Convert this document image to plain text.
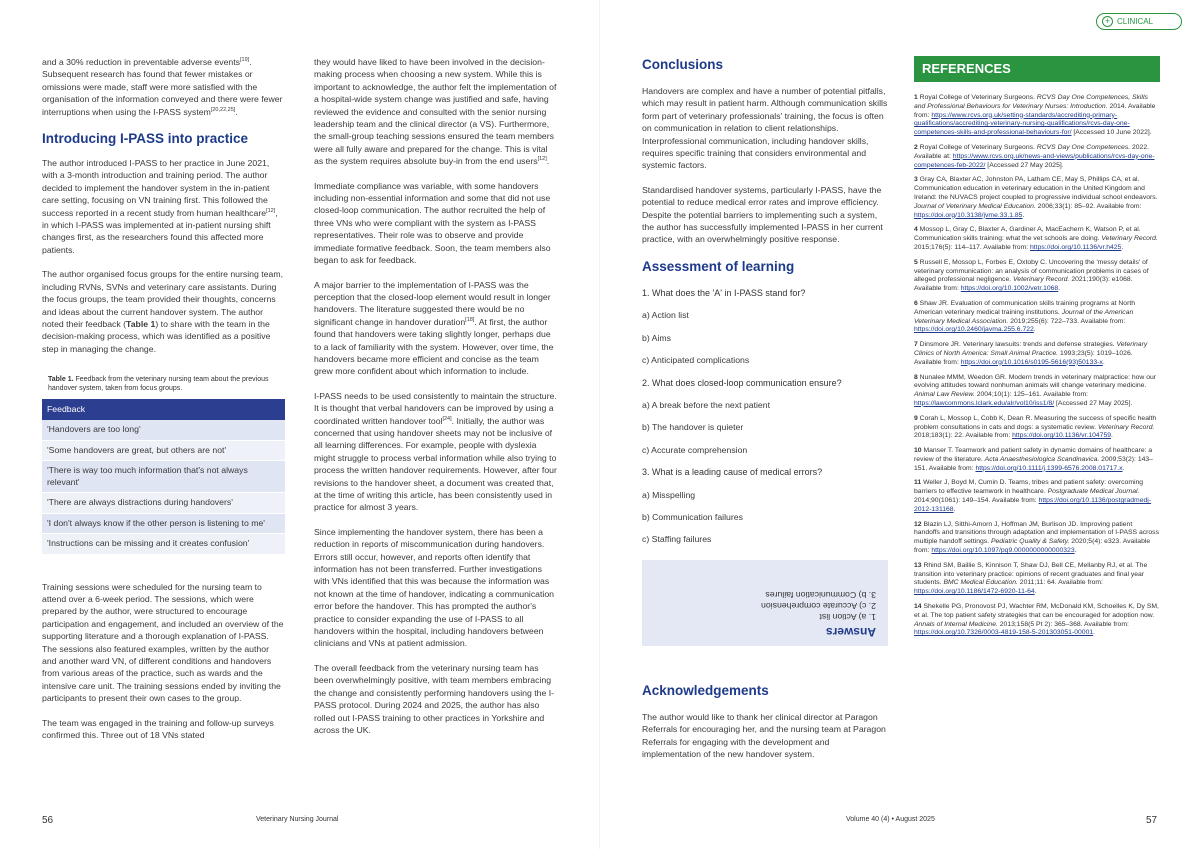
+ CLINICAL

and a 30% reduction in preventable adverse events[19]. Subsequent research has found that fewer mistakes or omissions were made, staff were more satisfied with the organisation of the information conveyed and there were fewer interruptions when using the I-PASS system[20,22,25].

Introducing I-PASS into practice

The author introduced I-PASS to her practice in June 2021, with a 3-month introduction and training period. The author decided to implement the handover system in the in-patient care setting, focusing on VN training first. This followed the success reported in a recent study from human healthcare[12], in which I-PASS was implemented at in-patient nursing shift changes first, as the researchers found this affected more patients.

The author organised focus groups for the entire nursing team, including RVNs, SVNs and veterinary care assistants. During the focus groups, the team provided their thoughts, concerns and ideas about the current handover system. The author noted their feedback (Table 1) to share with the team in the decision-making process, which was identified as a positive step in managing the change.

Table 1. Feedback from the veterinary nursing team about the previous handover system, taken from focus groups.
Feedback
'Handovers are too long'
'Some handovers are great, but others are not'
'There is way too much information that's not always relevant'
'There are always distractions during handovers'
'I don't always know if the other person is listening to me'
'Instructions can be missing and it creates confusion'

Training sessions were scheduled for the nursing team to attend over a 6-week period. The sessions, which were prepared by the author, were structured to encourage participation and engagement, and included an overview of the supporting literature and a thorough explanation of I-PASS. The sessions also featured examples, written by the author and another ward VN, of different conditions and handovers from various areas of the practice, such as wards and the intensive care unit. The training sessions ended by inviting the participants to present their own cases to the group.

The team was engaged in the training and follow-up surveys confirmed this. Three out of 18 VNs stated

they would have liked to have been involved in the decision-making process when choosing a new system. While this is important to acknowledge, the author felt the implementation of a hospital-wide system change was justified and safe, having reviewed the evidence and consulted with the senior nursing leadership team and the clinical director (a VS). Furthermore, the small-group teaching sessions ensured the team members were all fully aware and prepared for the change. This is vital as the system requires absolute buy-in from the end users[12].

Immediate compliance was variable, with some handovers including non-essential information and some that did not use closed-loop communication. The author recruited the help of three VNs who were compliant with the system as I-PASS representatives. Their role was to observe and provide immediate formative feedback. Soon, the team members also began to ask for feedback.

A major barrier to the implementation of I-PASS was the perception that the closed-loop element would result in longer handovers. The literature suggested there would be no significant change in handover duration[18]. At first, the author found that handovers were taking slightly longer, perhaps due to a lack of familiarity with the system. However, over time, the handovers became more efficient and concise as the team grew more confident about which information to include.

I-PASS needs to be used consistently to maintain the structure. It is thought that verbal handovers can be improved by using a coordinated written handover tool[24]. Initially, the author was concerned that using handover sheets may not be inclusive of all learning differences. For example, people with dyslexia might struggle to process verbal information while also trying to process the written handover requirements. However, after four revisions to the handover sheet, a document was created that, at the time of writing this article, has been consistently used in practice for almost 3 years.

Since implementing the handover system, there has been a reduction in reports of miscommunication during handovers. Errors still occur, however, and reports often identify that information has not been transferred. Further investigations with VNs identified that this was because the information was not known at the time of handover, indicating a communication error before the handover. This has prompted the author's practice to consider expanding the use of I-PASS to all handovers within the hospital, including handovers between clinicians and VNs at patient admission.

The overall feedback from the veterinary nursing team has been overwhelmingly positive, with team members embracing the change and consistently performing handovers using the I-PASS protocol. During 2024 and 2025, the author has also rolled out I-PASS training to other practices in Yorkshire and across the UK.

Conclusions

Handovers are complex and have a number of potential pitfalls, which may result in patient harm. Although communication skills form part of veterinary professionals' training, the focus is often on communication in relation to client relationships. Interprofessional communication, including handover skills, requires specific training that considers environmental and systemic factors.

Standardised handover systems, particularly I-PASS, have the potential to reduce medical error rates and improve efficiency. Despite the potential barriers to implementing such a system, the author has successfully implemented I-PASS in her current practice, with an overwhelmingly positive response.

Assessment of learning
1. What does the 'A' in I-PASS stand for?
a) Action list
b) Aims
c) Anticipated complications
2. What does closed-loop communication ensure?
a) A break before the next patient
b) The handover is quieter
c) Accurate comprehension
3. What is a leading cause of medical errors?
a) Misspelling
b) Communication failures
c) Staffing failures
Answers
1. a) Action list
2. c) Accurate comprehension
3. b) Communication failures
Acknowledgements

The author would like to thank her clinical director at Paragon Referrals for encouraging her, and the nursing team at Paragon Referrals for engaging with the development and implementation of the new handover system.

REFERENCES
1 Royal College of Veterinary Surgeons. RCVS Day One Competences, Skills and Professional Behaviours for Veterinary Nurses: Introduction. 2014. Available from: https://www.rcvs.org.uk/setting-standards/accrediting-primary-qualifications/accrediting-veterinary-nursing-qualifications/rcvs-day-one-competences-skills-and-professional-behaviours-for/ [Accessed 10 June 2022].
2 Royal College of Veterinary Surgeons. RCVS Day One Competences. 2022. Available at: https://www.rcvs.org.uk/news-and-views/publications/rcvs-day-one-competences-feb-2022/ [Accessed 27 May 2025].
3 Gray CA, Blaxter AC, Johnston PA, Latham CE, May S, Phillips CA, et al. Communication education in veterinary education in the United Kingdom and Ireland: the NUVACS project coupled to progressive individual school endeavors. Journal of Veterinary Medical Education. 2006;33(1): 85–92. Available from: https://doi.org/10.3138/jvme.33.1.85.
4 Mossop L, Gray C, Blaxter A, Gardiner A, MacEachern K, Watson P, et al. Communication skills training: what the vet schools are doing. Veterinary Record. 2015;176(5): 114–117. Available from: https://doi.org/10.1136/vr.h425.
5 Russell E, Mossop L, Forbes E, Oxtoby C. Uncovering the 'messy details' of veterinary communication: an analysis of communication problems in cases of alleged professional negligence. Veterinary Record. 2021;190(3): e1068. Available from: https://doi.org/10.1002/vetr.1068.
6 Shaw JR. Evaluation of communication skills training programs at North American veterinary medical training institutions. Journal of the American Veterinary Medical Association. 2019;255(6): 722–733. Available from: https://doi.org/10.2460/javma.255.6.722.
7 Dinsmore JR. Veterinary lawsuits: trends and defense strategies. Veterinary Clinics of North America: Small Animal Practice. 1993;23(5): 1019–1026. Available from: https://doi.org/10.1016/s0195-5616(93)50133-x.
8 Nunalee MMM, Weedon GR. Modern trends in veterinary malpractice: how our evolving attitudes toward nonhuman animals will change veterinary medicine. Animal Law Review. 2004;10(1): 125–161. Available from: https://lawcommons.lclark.edu/alr/vol10/iss1/8/ [Accessed 27 May 2025].
9 Corah L, Mossop L, Cobb K, Dean R. Measuring the success of specific health problem consultations in cats and dogs: a systematic review. Veterinary Record. 2018;183(1): 22. Available from: https://doi.org/10.1136/vr.104759.
10 Manser T. Teamwork and patient safety in dynamic domains of healthcare: a review of the literature. Acta Anaesthesiologica Scandinavica. 2009;53(2): 143–151. Available from: https://doi.org/10.1111/j.1399-6576.2008.01717.x.
11 Weller J, Boyd M, Cumin D. Teams, tribes and patient safety: overcoming barriers to effective teamwork in healthcare. Postgraduate Medical Journal. 2014;90(1061): 149–154. Available from: https://doi.org/10.1136/postgradmedj-2012-131168.
12 Blazin LJ, Sitthi-Amorn J, Hoffman JM, Burlison JD. Improving patient handoffs and transitions through adaptation and implementation of I-PASS across multiple handoff settings. Pediatric Quality & Safety. 2020;5(4): e323. Available from: https://doi.org/10.1097/pq9.0000000000000323.
13 Rhind SM, Baillie S, Kinnison T, Shaw DJ, Bell CE, Mellanby RJ, et al. The transition into veterinary practice: opinions of recent graduates and final year students. BMC Medical Education. 2011;11: 64. Available from: https://doi.org/10.1186/1472-6920-11-64.
14 Shekelle PG, Pronovost PJ, Wachter RM, McDonald KM, Schoelles K, Dy SM, et al. The top patient safety strategies that can be encouraged for adoption now. Annals of Internal Medicine. 2013;158(5 Pt 2): 365–368. Available from: https://doi.org/10.7326/0003-4819-158-5-201303051-00001.
56	Veterinary Nursing Journal	Volume 40 (4) • August 2025	57
